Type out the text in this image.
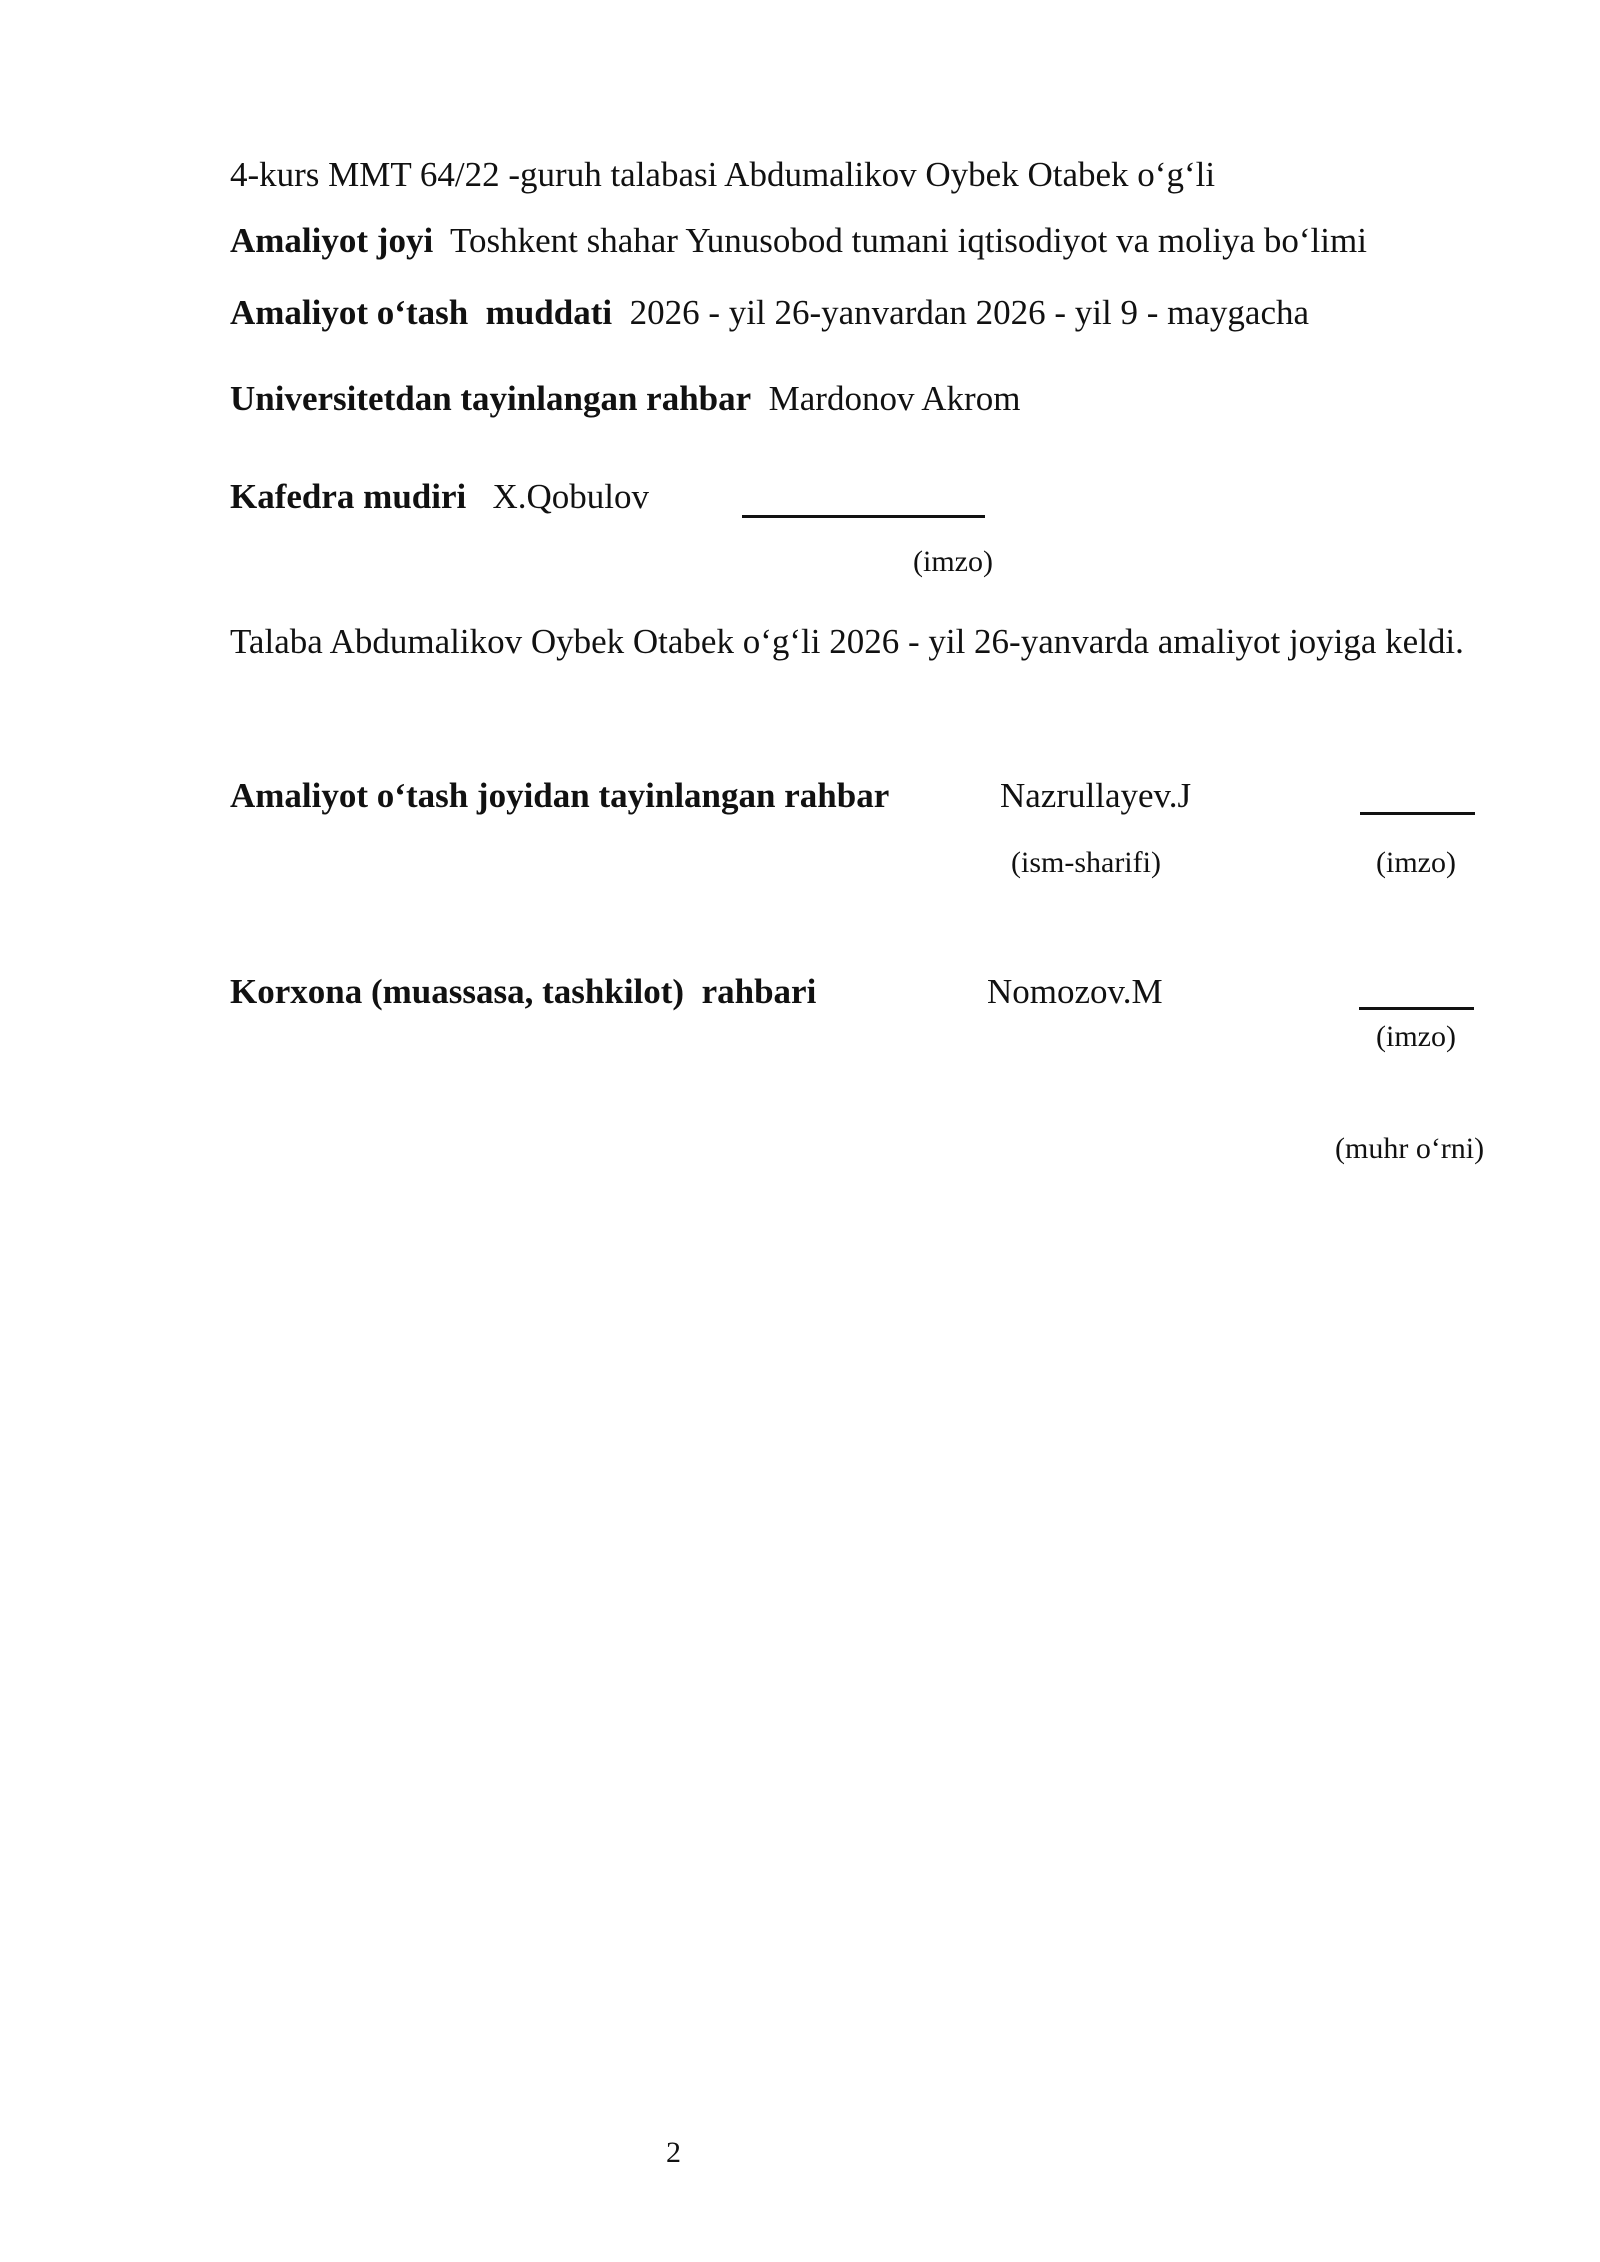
4-kurs MMT 64/22 -guruh talabasi Abdumalikov Oybek Otabek o‘g‘li
Amaliyot joyi Toshkent shahar Yunusobod tumani iqtisodiyot va moliya bo‘limi
Amaliyot o‘tash  muddati 2026 - yil 26-yanvardan 2026 - yil 9 - maygacha
Universitetdan tayinlangan rahbar Mardonov Akrom
Kafedra mudiri X.Qobulov
(imzo)
Talaba Abdumalikov Oybek Otabek o‘g‘li 2026 - yil 26-yanvarda amaliyot joyiga keldi.
Amaliyot o‘tash joyidan tayinlangan rahbar	Nazrullayev.J
(ism-sharifi)	(imzo)
Korxona (muassasa, tashkilot)  rahbari	Nomozov.M
(imzo)
(muhr o‘rni)
2
